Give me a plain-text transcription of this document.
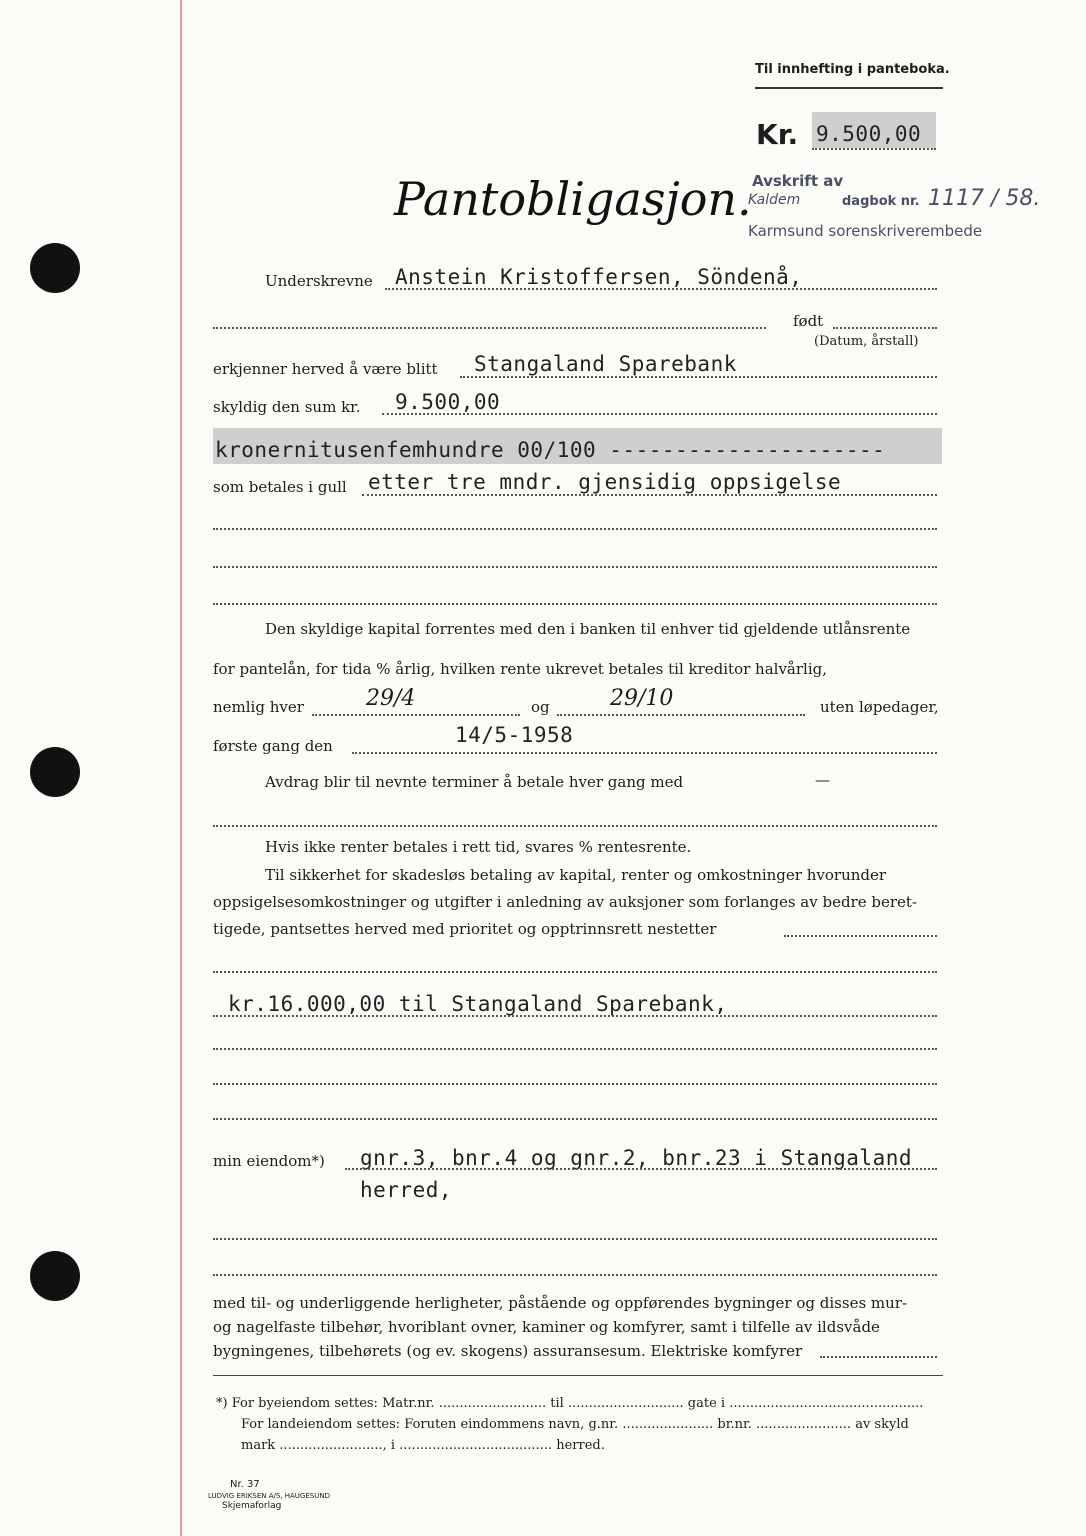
Til innhefting i panteboka.
Kr. 9.500,00
Pantobligasjon. Avskrift av
Kaldem	dagbok nr. 1117 / 58.
Karmsund sorenskriverembede
Underskrevne Anstein Kristoffersen, Söndenå,
født
(Datum, årstall)
erkjenner herved å være blitt Stangaland Sparebank
skyldig den sum kr. 9.500,00
kronernitusenfemhundre 00/100 ---------------------
som betales i gull etter tre mndr. gjensidig oppsigelse
Den skyldige kapital forrentes med den i banken til enhver tid gjeldende utlånsrente
for pantelån, for tida % årlig, hvilken rente ukrevet betales til kreditor halvårlig,
nemlig hver	29/4	og	29/10	uten løpedager,
første gang den	14/5-1958
Avdrag blir til nevnte terminer å betale hver gang med	—
Hvis ikke renter betales i rett tid, svares % rentesrente.
Til sikkerhet for skadesløs betaling av kapital, renter og omkostninger hvorunder
oppsigelsesomkostninger og utgifter i anledning av auksjoner som forlanges av bedre beret-
tigede, pantsettes herved med prioritet og opptrinnsrett nestetter
kr.16.000,00 til Stangaland Sparebank,
min eiendom*) gnr.3, bnr.4 og gnr.2, bnr.23 i Stangaland
herred,
med til- og underliggende herligheter, påstående og oppførendes bygninger og disses mur-
og nagelfaste tilbehør, hvoriblant ovner, kaminer og komfyrer, samt i tilfelle av ildsvåde
bygningenes, tilbehørets (og ev. skogens) assuransesum. Elektriske komfyrer
*) For byeiendom settes: Matr.nr. .......................... til ............................ gate i ...............................................
For landeiendom settes: Foruten eindommens navn, g.nr. ...................... br.nr. ....................... av skyld
mark ........................., i ..................................... herred.
Nr. 37
LUDVIG ERIKSEN A/S, HAUGESUND
Skjemaforlag
